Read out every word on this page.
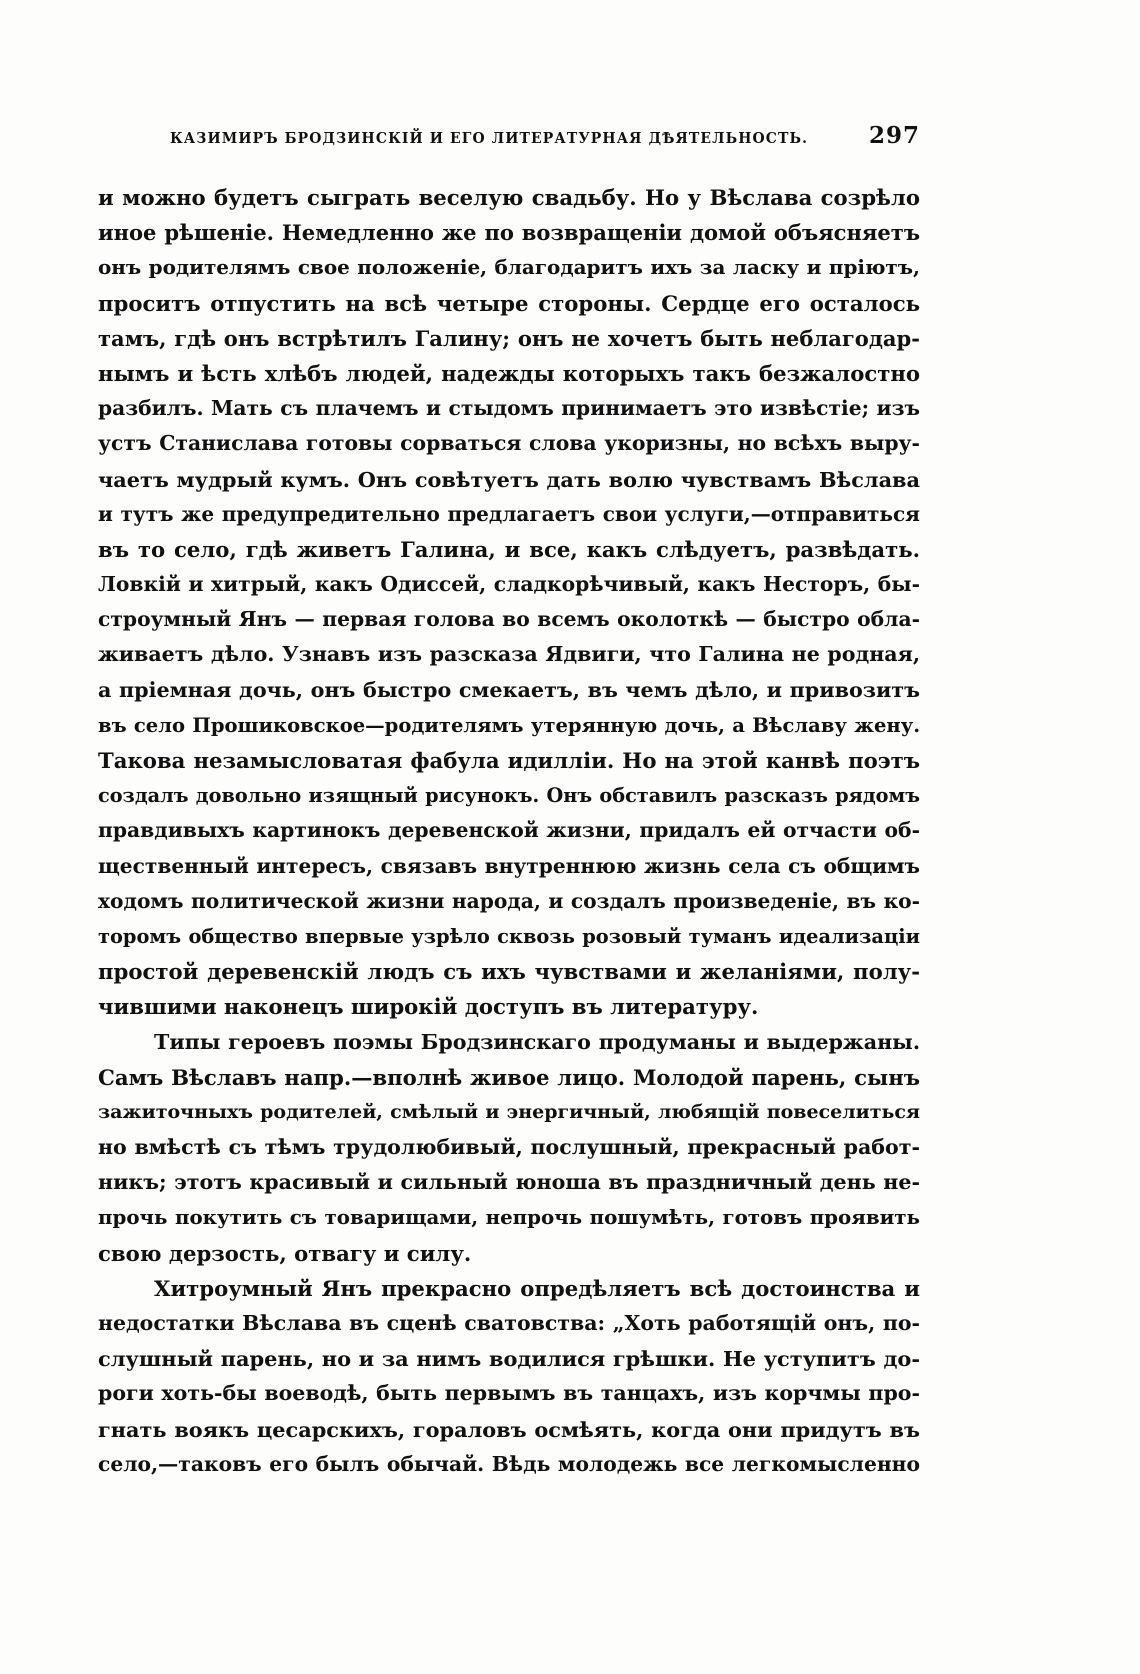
КАЗИМИРЪ БРОДЗИНСКІЙ И ЕГО ЛИТЕРАТУРНАЯ ДѢЯТЕЛЬНОСТЬ.	297
и можно будетъ сыграть веселую свадьбу. Но у Вѣслава созрѣло
иное рѣшеніе. Немедленно же по возвращеніи домой объясняетъ
онъ родителямъ свое положеніе, благодаритъ ихъ за ласку и пріютъ,
проситъ отпустить на всѣ четыре стороны. Сердце его осталось
тамъ, гдѣ онъ встрѣтилъ Галину; онъ не хочетъ быть неблагодар-
нымъ и ѣсть хлѣбъ людей, надежды которыхъ такъ безжалостно
разбилъ. Мать съ плачемъ и стыдомъ принимаетъ это извѣстіе; изъ
устъ Станислава готовы сорваться слова укоризны, но всѣхъ выру-
чаетъ мудрый кумъ. Онъ совѣтуетъ дать волю чувствамъ Вѣслава
и тутъ же предупредительно предлагаетъ свои услуги,—отправиться
въ то село, гдѣ живетъ Галина, и все, какъ слѣдуетъ, развѣдать.
Ловкій и хитрый, какъ Одиссей, сладкорѣчивый, какъ Несторъ, бы-
строумный Янъ — первая голова во всемъ околоткѣ — быстро обла-
живаетъ дѣло. Узнавъ изъ разсказа Ядвиги, что Галина не родная,
а пріемная дочь, онъ быстро смекаетъ, въ чемъ дѣло, и привозитъ
въ село Прошиковское—родителямъ утерянную дочь, а Вѣславу жену.
Такова незамысловатая фабула идилліи. Но на этой канвѣ поэтъ
создалъ довольно изящный рисунокъ. Онъ обставилъ разсказъ рядомъ
правдивыхъ картинокъ деревенской жизни, придалъ ей отчасти об-
щественный интересъ, связавъ внутреннюю жизнь села съ общимъ
ходомъ политической жизни народа, и создалъ произведеніе, въ ко-
торомъ общество впервые узрѣло сквозь розовый туманъ идеализаціи
простой деревенскій людъ съ ихъ чувствами и желаніями, полу-
чившими наконецъ широкій доступъ въ литературу.
Типы героевъ поэмы Бродзинскаго продуманы и выдержаны.
Самъ Вѣславъ напр.—вполнѣ живое лицо. Молодой парень, сынъ
зажиточныхъ родителей, смѣлый и энергичный, любящій повеселиться
но вмѣстѣ съ тѣмъ трудолюбивый, послушный, прекрасный работ-
никъ; этотъ красивый и сильный юноша въ праздничный день не-
прочь покутить съ товарищами, непрочь пошумѣть, готовъ проявить
свою дерзость, отвагу и силу.
Хитроумный Янъ прекрасно опредѣляетъ всѣ достоинства и
недостатки Вѣслава въ сценѣ сватовства: „Хоть работящій онъ, по-
слушный парень, но и за нимъ водилися грѣшки. Не уступитъ до-
роги хоть-бы воеводѣ, быть первымъ въ танцахъ, изъ корчмы про-
гнать воякъ цесарскихъ, гораловъ осмѣять, когда они придутъ въ
село,—таковъ его былъ обычай. Вѣдь молодежь все легкомысленно
